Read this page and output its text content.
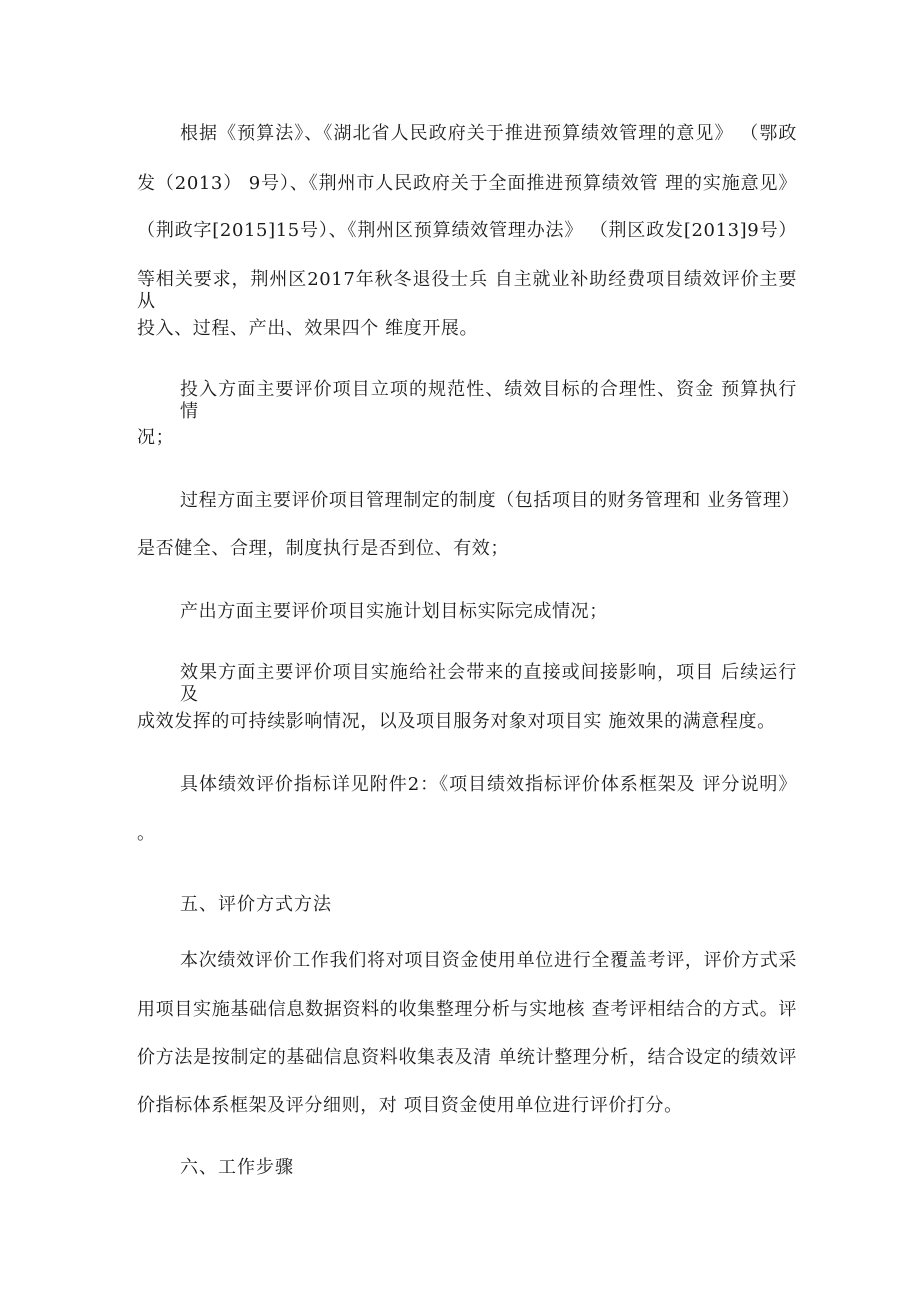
根据《预算法》、《湖北省人民政府关于推进预算绩效管理的意见》 （鄂政

发（2013） 9号）、《荆州市人民政府关于全面推进预算绩效管 理的实施意见》

（荆政字[2015]15号）、《荆州区预算绩效管理办法》 （荆区政发[2013]9号）

等相关要求，荆州区2017年秋冬退役士兵 自主就业补助经费项目绩效评价主要从

投入、过程、产出、效果四个 维度开展。

投入方面主要评价项目立项的规范性、绩效目标的合理性、资金 预算执行情

况；

过程方面主要评价项目管理制定的制度（包括项目的财务管理和 业务管理）

是否健全、合理，制度执行是否到位、有效；

产出方面主要评价项目实施计划目标实际完成情况；

效果方面主要评价项目实施给社会带来的直接或间接影响，项目 后续运行及

成效发挥的可持续影响情况，以及项目服务对象对项目实 施效果的满意程度。

具体绩效评价指标详见附件2：《项目绩效指标评价体系框架及 评分说明》

。

五、评价方式方法

本次绩效评价工作我们将对项目资金使用单位进行全覆盖考评，评价方式采

用项目实施基础信息数据资料的收集整理分析与实地核 查考评相结合的方式。评

价方法是按制定的基础信息资料收集表及清 单统计整理分析，结合设定的绩效评

价指标体系框架及评分细则，对 项目资金使用单位进行评价打分。

六、工作步骤
